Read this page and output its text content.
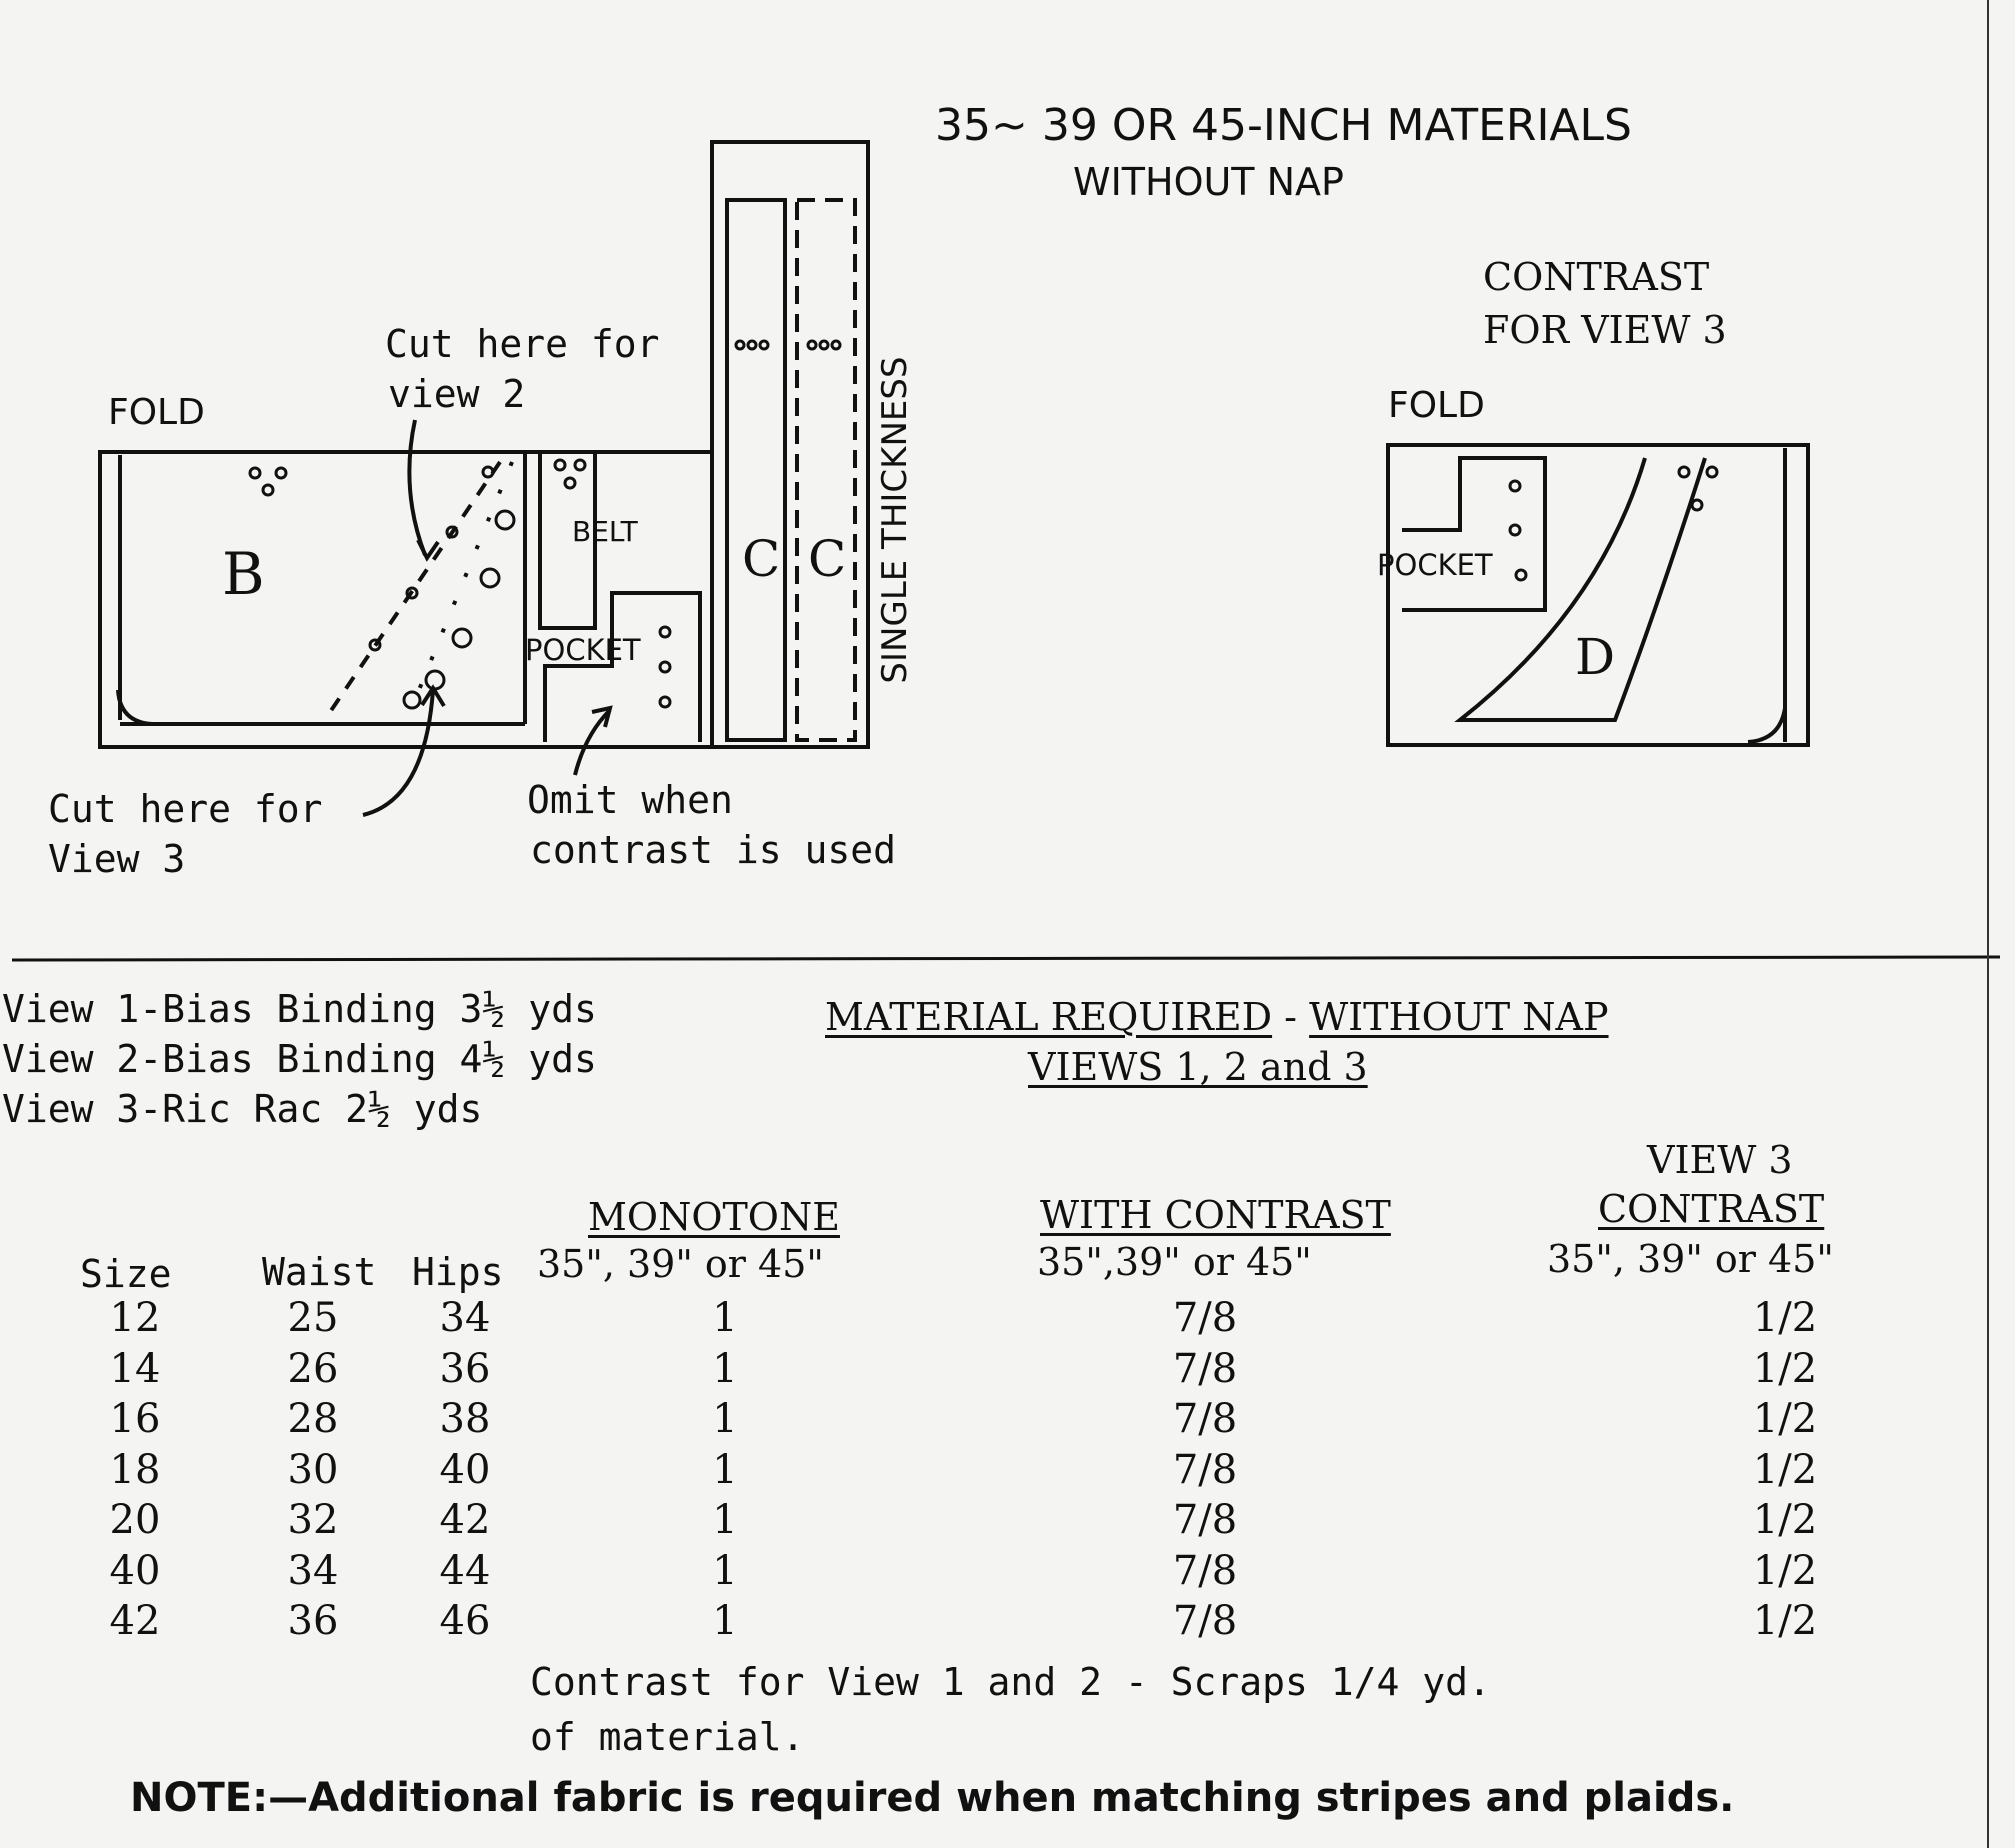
35~ 39 OR 45-INCH MATERIALS
WITHOUT NAP
FOLD
B
BELT
POCKET
C C SINGLE THICKNESS
Cut here for
view 2
Cut here for
View 3
Omit when
contrast is used
CONTRAST
FOR VIEW 3
FOLD
POCKET
D
View 1-Bias Binding 3½ yds
View 2-Bias Binding 4½ yds
View 3-Ric Rac 2½ yds
MATERIAL REQUIRED - WITHOUT NAP
VIEWS 1, 2 and 3
MONOTONE
35", 39" or 45"
WITH CONTRAST
35",39" or 45"
VIEW 3
CONTRAST
35", 39" or 45"
Size Waist Hips
12	25	34	1	7/8	1/2
14	26	36	1	7/8	1/2
16	28	38	1	7/8	1/2
18	30	40	1	7/8	1/2
20	32	42	1	7/8	1/2
40	34	44	1	7/8	1/2
42	36	46	1	7/8	1/2
Contrast for View 1 and 2 - Scraps 1/4 yd.
of material.
NOTE:—Additional fabric is required when matching stripes and plaids.
